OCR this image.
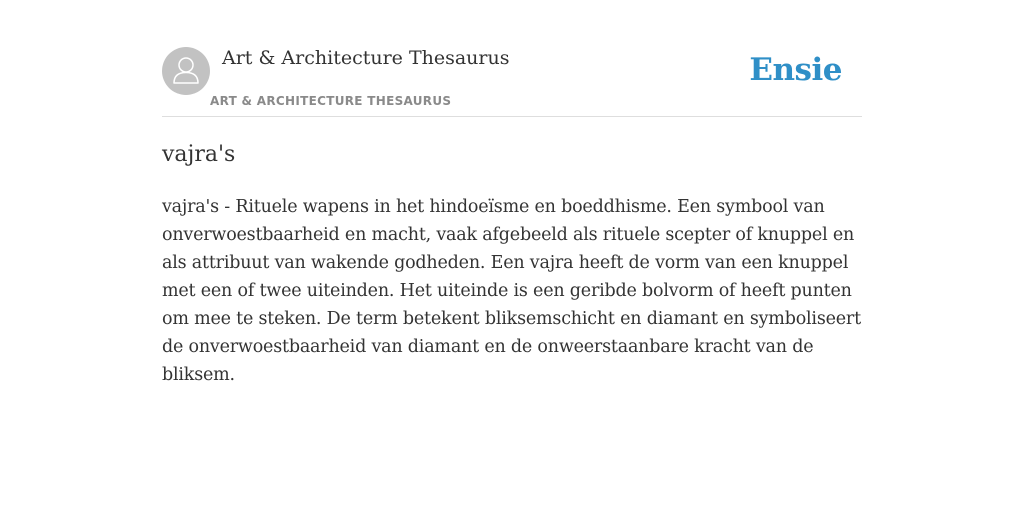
Art & Architecture Thesaurus
ART & ARCHITECTURE THESAURUS
Ensie
vajra's

vajra's - Rituele wapens in het hindoeïsme en boeddhisme. Een symbool van onverwoestbaarheid en macht, vaak afgebeeld als rituele scepter of knuppel en als attribuut van wakende godheden. Een vajra heeft de vorm van een knuppel met een of twee uiteinden. Het uiteinde is een geribde bolvorm of heeft punten om mee te steken. De term betekent bliksemschicht en diamant en symboliseert de onverwoestbaarheid van diamant en de onweerstaanbare kracht van de bliksem.
